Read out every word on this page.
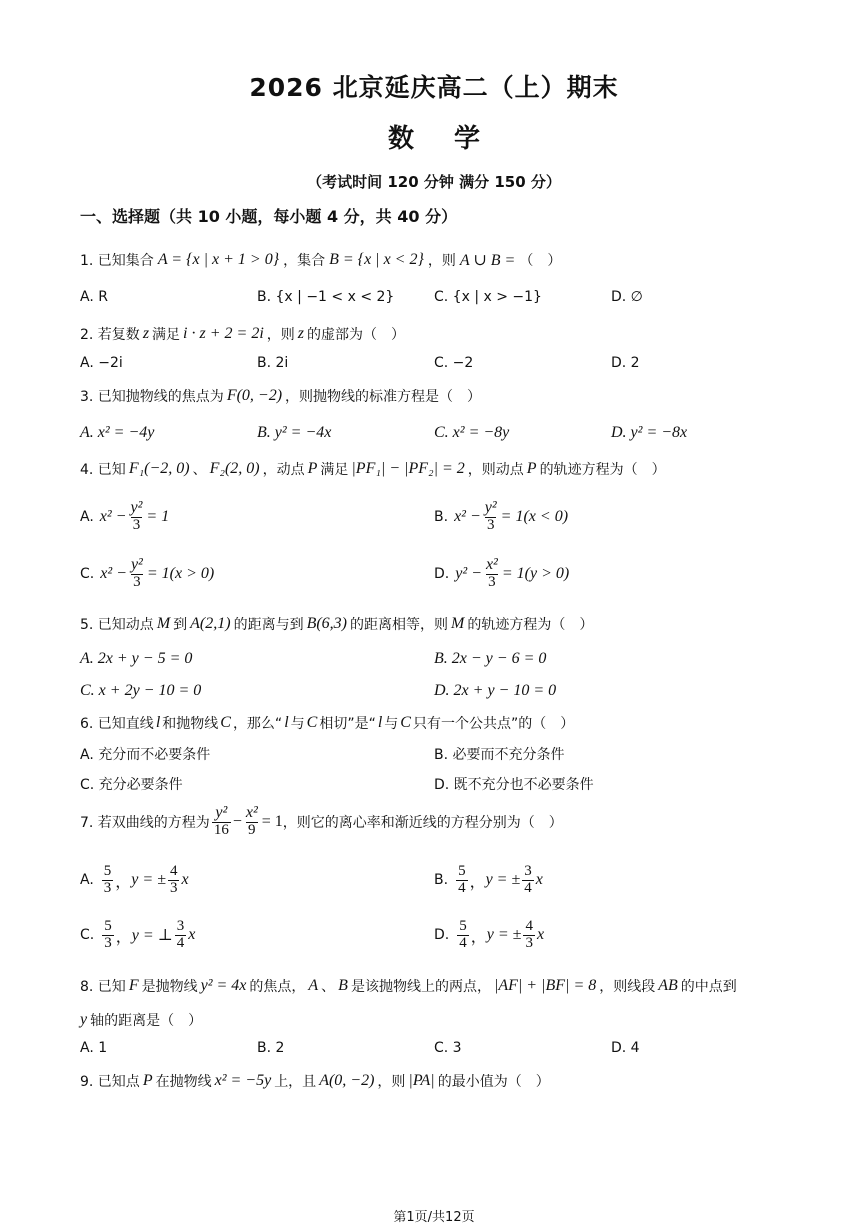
2026 北京延庆高二（上）期末
数学
（考试时间 120 分钟 满分 150 分）
一、选择题（共 10 小题，每小题 4 分，共 40 分）
1. 已知集合 A = {x | x + 1 > 0} ，集合 B = {x | x < 2} ，则 A ∪ B = （　）
A. R	B. {x | −1 < x < 2}	C. {x | x > −1}	D. ∅
2. 若复数 z 满足 i · z + 2 = 2i ，则 z 的虚部为（　）
A. −2i	B. 2i	C. −2	D. 2
3. 已知抛物线的焦点为 F(0, −2) ，则抛物线的标准方程是（　）
A. x² = −4y	B. y² = −4x	C. x² = −8y	D. y² = −8x
4. 已知 F₁(−2, 0) 、 F₂(2, 0) ，动点 P 满足 |PF₁| − |PF₂| = 2 ，则动点 P 的轨迹方程为（　）
A. $x^2 - \frac{\text{y²}}{3} = 1$	B. $x^2 - \frac{\text{y²}}{3} = 1(x < 0)$
C. $x^2 - \frac{\text{y²}}{3} = 1(x > 0)$	D. $y^2 - \frac{\text{x²}}{3} = 1(y > 0)$
5. 已知动点 M 到 A(2,1) 的距离与到 B(6,3) 的距离相等，则 M 的轨迹方程为（　）
A. 2x + y − 5 = 0	B. 2x − y − 6 = 0
C. x + 2y − 10 = 0	D. 2x + y − 10 = 0
6. 已知直线 l 和抛物线 C ，那么“ l 与 C 相切”是“ l 与 C 只有一个公共点”的（　）
A. 充分而不必要条件	B. 必要而不充分条件
C. 充分必要条件	D. 既不充分也不必要条件
7. 若双曲线的方程为 $\frac{\text{y²}}{16} - \frac{\text{x²}}{9} = 1$ ，则它的离心率和渐近线的方程分别为（　）
A. $\frac{5}{3}$ ， y = ± $\frac{4}{3}$ x	B. $\frac{5}{4}$ ， y = ± $\frac{3}{4}$ x
C. $\frac{5}{3}$ ， y = ⊥ $\frac{3}{4}$ x	D. $\frac{5}{4}$ ， y = ± $\frac{4}{3}$ x
8. 已知 F 是抛物线 y² = 4x 的焦点， A 、 B 是该抛物线上的两点， |AF| + |BF| = 8 ，则线段 AB 的中点到
y 轴的距离是（　）
A. 1	B. 2	C. 3	D. 4
9. 已知点 P 在抛物线 x² = −5y 上，且 A(0, −2) ，则 |PA| 的最小值为（　）
第1页/共12页
